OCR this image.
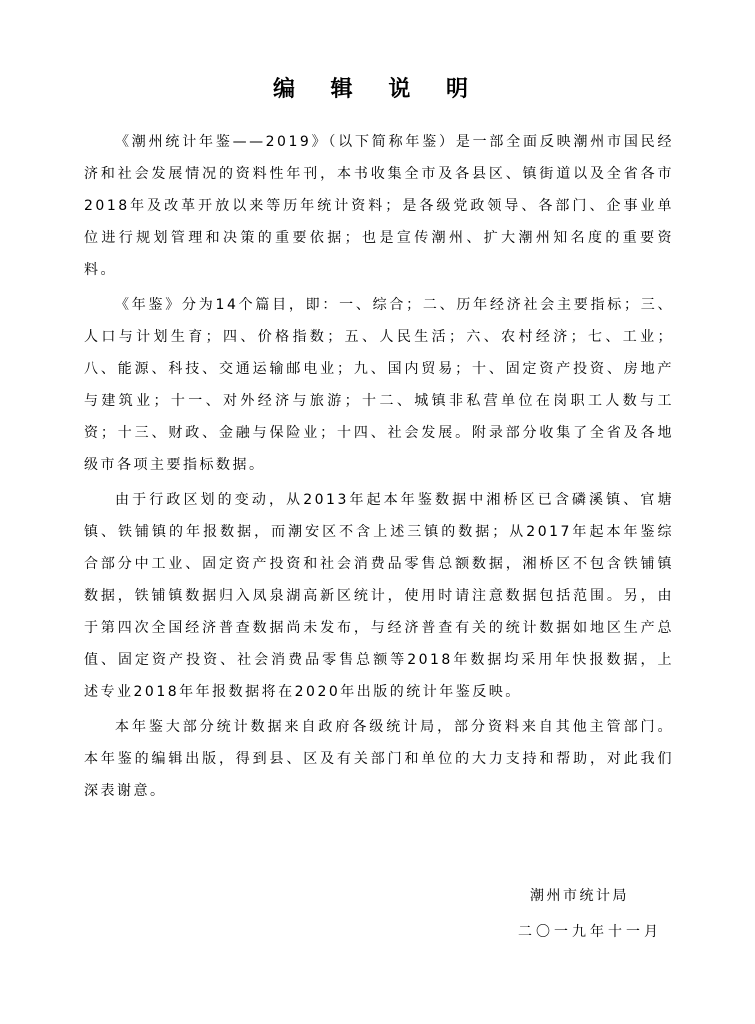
编 辑 说 明

《潮州统计年鉴——2019》（以下简称年鉴）是一部全面反映潮州市国民经济和社会发展情况的资料性年刊，本书收集全市及各县区、镇街道以及全省各市2018年及改革开放以来等历年统计资料；是各级党政领导、各部门、企事业单位进行规划管理和决策的重要依据；也是宣传潮州、扩大潮州知名度的重要资料。

《年鉴》分为14个篇目，即：一、综合；二、历年经济社会主要指标；三、人口与计划生育；四、价格指数；五、人民生活；六、农村经济；七、工业；八、能源、科技、交通运输邮电业；九、国内贸易；十、固定资产投资、房地产与建筑业；十一、对外经济与旅游；十二、城镇非私营单位在岗职工人数与工资；十三、财政、金融与保险业；十四、社会发展。附录部分收集了全省及各地级市各项主要指标数据。

由于行政区划的变动，从2013年起本年鉴数据中湘桥区已含磷溪镇、官塘镇、铁铺镇的年报数据，而潮安区不含上述三镇的数据；从2017年起本年鉴综合部分中工业、固定资产投资和社会消费品零售总额数据，湘桥区不包含铁铺镇数据，铁铺镇数据归入凤泉湖高新区统计，使用时请注意数据包括范围。另，由于第四次全国经济普查数据尚未发布，与经济普查有关的统计数据如地区生产总值、固定资产投资、社会消费品零售总额等2018年数据均采用年快报数据，上述专业2018年年报数据将在2020年出版的统计年鉴反映。

本年鉴大部分统计数据来自政府各级统计局，部分资料来自其他主管部门。本年鉴的编辑出版，得到县、区及有关部门和单位的大力支持和帮助，对此我们深表谢意。

潮州市统计局
二〇一九年十一月
